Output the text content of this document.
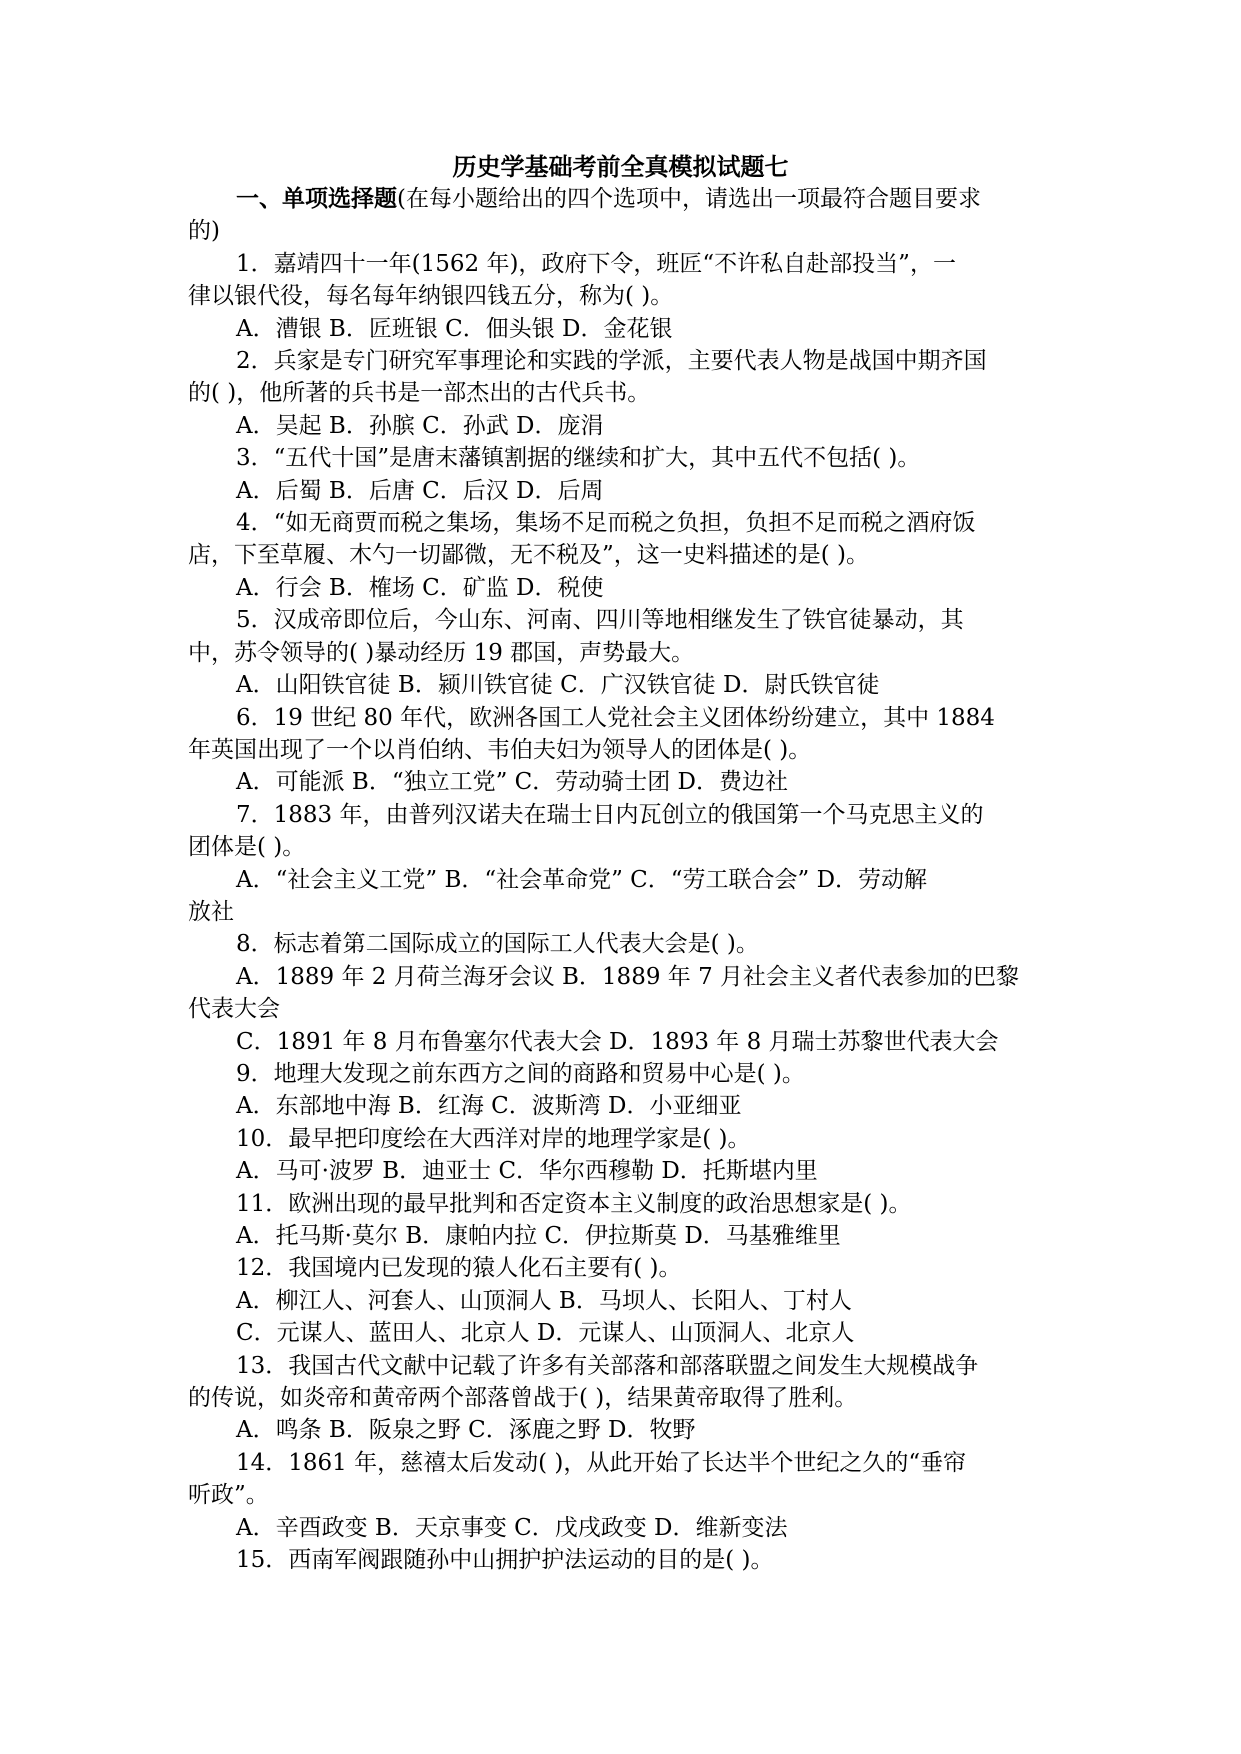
历史学基础考前全真模拟试题七

一、单项选择题(在每小题给出的四个选项中，请选出一项最符合题目要求

的)

1．嘉靖四十一年(1562 年)，政府下令，班匠“不许私自赴部投当”，一

律以银代役，每名每年纳银四钱五分，称为( )。

A．漕银 B．匠班银 C．佃头银 D．金花银

2．兵家是专门研究军事理论和实践的学派，主要代表人物是战国中期齐国

的( )，他所著的兵书是一部杰出的古代兵书。

A．吴起 B．孙膑 C．孙武 D．庞涓

3．“五代十国”是唐末藩镇割据的继续和扩大，其中五代不包括( )。

A．后蜀 B．后唐 C．后汉 D．后周

4．“如无商贾而税之集场，集场不足而税之负担，负担不足而税之酒府饭

店，下至草履、木勺一切鄙微，无不税及”，这一史料描述的是( )。

A．行会 B．榷场 C．矿监 D．税使

5．汉成帝即位后，今山东、河南、四川等地相继发生了铁官徒暴动，其

中，苏令领导的( )暴动经历 19 郡国，声势最大。

A．山阳铁官徒 B．颍川铁官徒 C．广汉铁官徒 D．尉氏铁官徒

6．19 世纪 80 年代，欧洲各国工人党社会主义团体纷纷建立，其中 1884

年英国出现了一个以肖伯纳、韦伯夫妇为领导人的团体是( )。

A．可能派 B．“独立工党” C．劳动骑士团 D．费边社

7．1883 年，由普列汉诺夫在瑞士日内瓦创立的俄国第一个马克思主义的

团体是( )。

A．“社会主义工党” B．“社会革命党” C．“劳工联合会” D．劳动解

放社

8．标志着第二国际成立的国际工人代表大会是( )。

A．1889 年 2 月荷兰海牙会议 B．1889 年 7 月社会主义者代表参加的巴黎

代表大会

C．1891 年 8 月布鲁塞尔代表大会 D．1893 年 8 月瑞士苏黎世代表大会

9．地理大发现之前东西方之间的商路和贸易中心是( )。

A．东部地中海 B．红海 C．波斯湾 D．小亚细亚

10．最早把印度绘在大西洋对岸的地理学家是( )。

A．马可·波罗 B．迪亚士 C．华尔西穆勒 D．托斯堪内里

11．欧洲出现的最早批判和否定资本主义制度的政治思想家是( )。

A．托马斯·莫尔 B．康帕内拉 C．伊拉斯莫 D．马基雅维里

12．我国境内已发现的猿人化石主要有( )。

A．柳江人、河套人、山顶洞人 B．马坝人、长阳人、丁村人

C．元谋人、蓝田人、北京人 D．元谋人、山顶洞人、北京人

13．我国古代文献中记载了许多有关部落和部落联盟之间发生大规模战争

的传说，如炎帝和黄帝两个部落曾战于( )，结果黄帝取得了胜利。

A．鸣条 B．阪泉之野 C．涿鹿之野 D．牧野

14．1861 年，慈禧太后发动( )，从此开始了长达半个世纪之久的“垂帘

听政”。

A．辛酉政变 B．天京事变 C．戊戌政变 D．维新变法

15．西南军阀跟随孙中山拥护护法运动的目的是( )。
